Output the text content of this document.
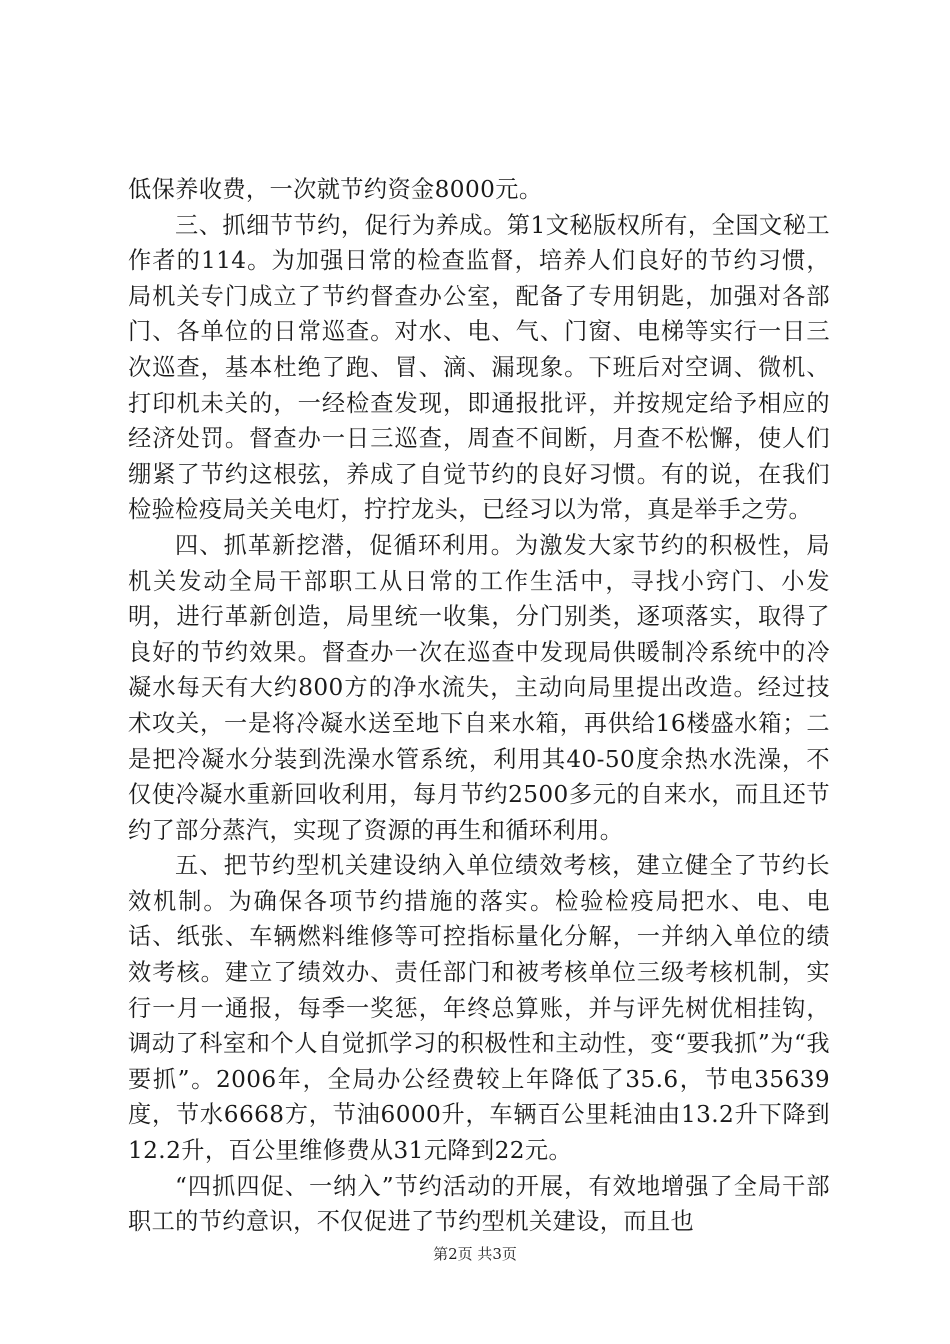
低保养收费，一次就节约资金8000元。

三、抓细节节约，促行为养成。第1文秘版权所有，全国文秘工作者的114。为加强日常的检查监督，培养人们良好的节约习惯，局机关专门成立了节约督查办公室，配备了专用钥匙，加强对各部门、各单位的日常巡查。对水、电、气、门窗、电梯等实行一日三次巡查，基本杜绝了跑、冒、滴、漏现象。下班后对空调、微机、打印机未关的，一经检查发现，即通报批评，并按规定给予相应的经济处罚。督查办一日三巡查，周查不间断，月查不松懈，使人们绷紧了节约这根弦，养成了自觉节约的良好习惯。有的说，在我们检验检疫局关关电灯，拧拧龙头，已经习以为常，真是举手之劳。

四、抓革新挖潜，促循环利用。为激发大家节约的积极性，局机关发动全局干部职工从日常的工作生活中，寻找小窍门、小发明，进行革新创造，局里统一收集，分门别类，逐项落实，取得了良好的节约效果。督查办一次在巡查中发现局供暖制冷系统中的冷凝水每天有大约800方的净水流失，主动向局里提出改造。经过技术攻关，一是将冷凝水送至地下自来水箱，再供给16楼盛水箱；二是把冷凝水分装到洗澡水管系统，利用其40-50度余热水洗澡，不仅使冷凝水重新回收利用，每月节约2500多元的自来水，而且还节约了部分蒸汽，实现了资源的再生和循环利用。

五、把节约型机关建设纳入单位绩效考核，建立健全了节约长效机制。为确保各项节约措施的落实。检验检疫局把水、电、电话、纸张、车辆燃料维修等可控指标量化分解，一并纳入单位的绩效考核。建立了绩效办、责任部门和被考核单位三级考核机制，实行一月一通报，每季一奖惩，年终总算账，并与评先树优相挂钩，调动了科室和个人自觉抓学习的积极性和主动性，变“要我抓”为“我要抓”。2006年，全局办公经费较上年降低了35.6，节电35639度，节水6668方，节油6000升，车辆百公里耗油由13.2升下降到12.2升，百公里维修费从31元降到22元。

“四抓四促、一纳入”节约活动的开展，有效地增强了全局干部职工的节约意识，不仅促进了节约型机关建设，而且也

第2页 共3页
